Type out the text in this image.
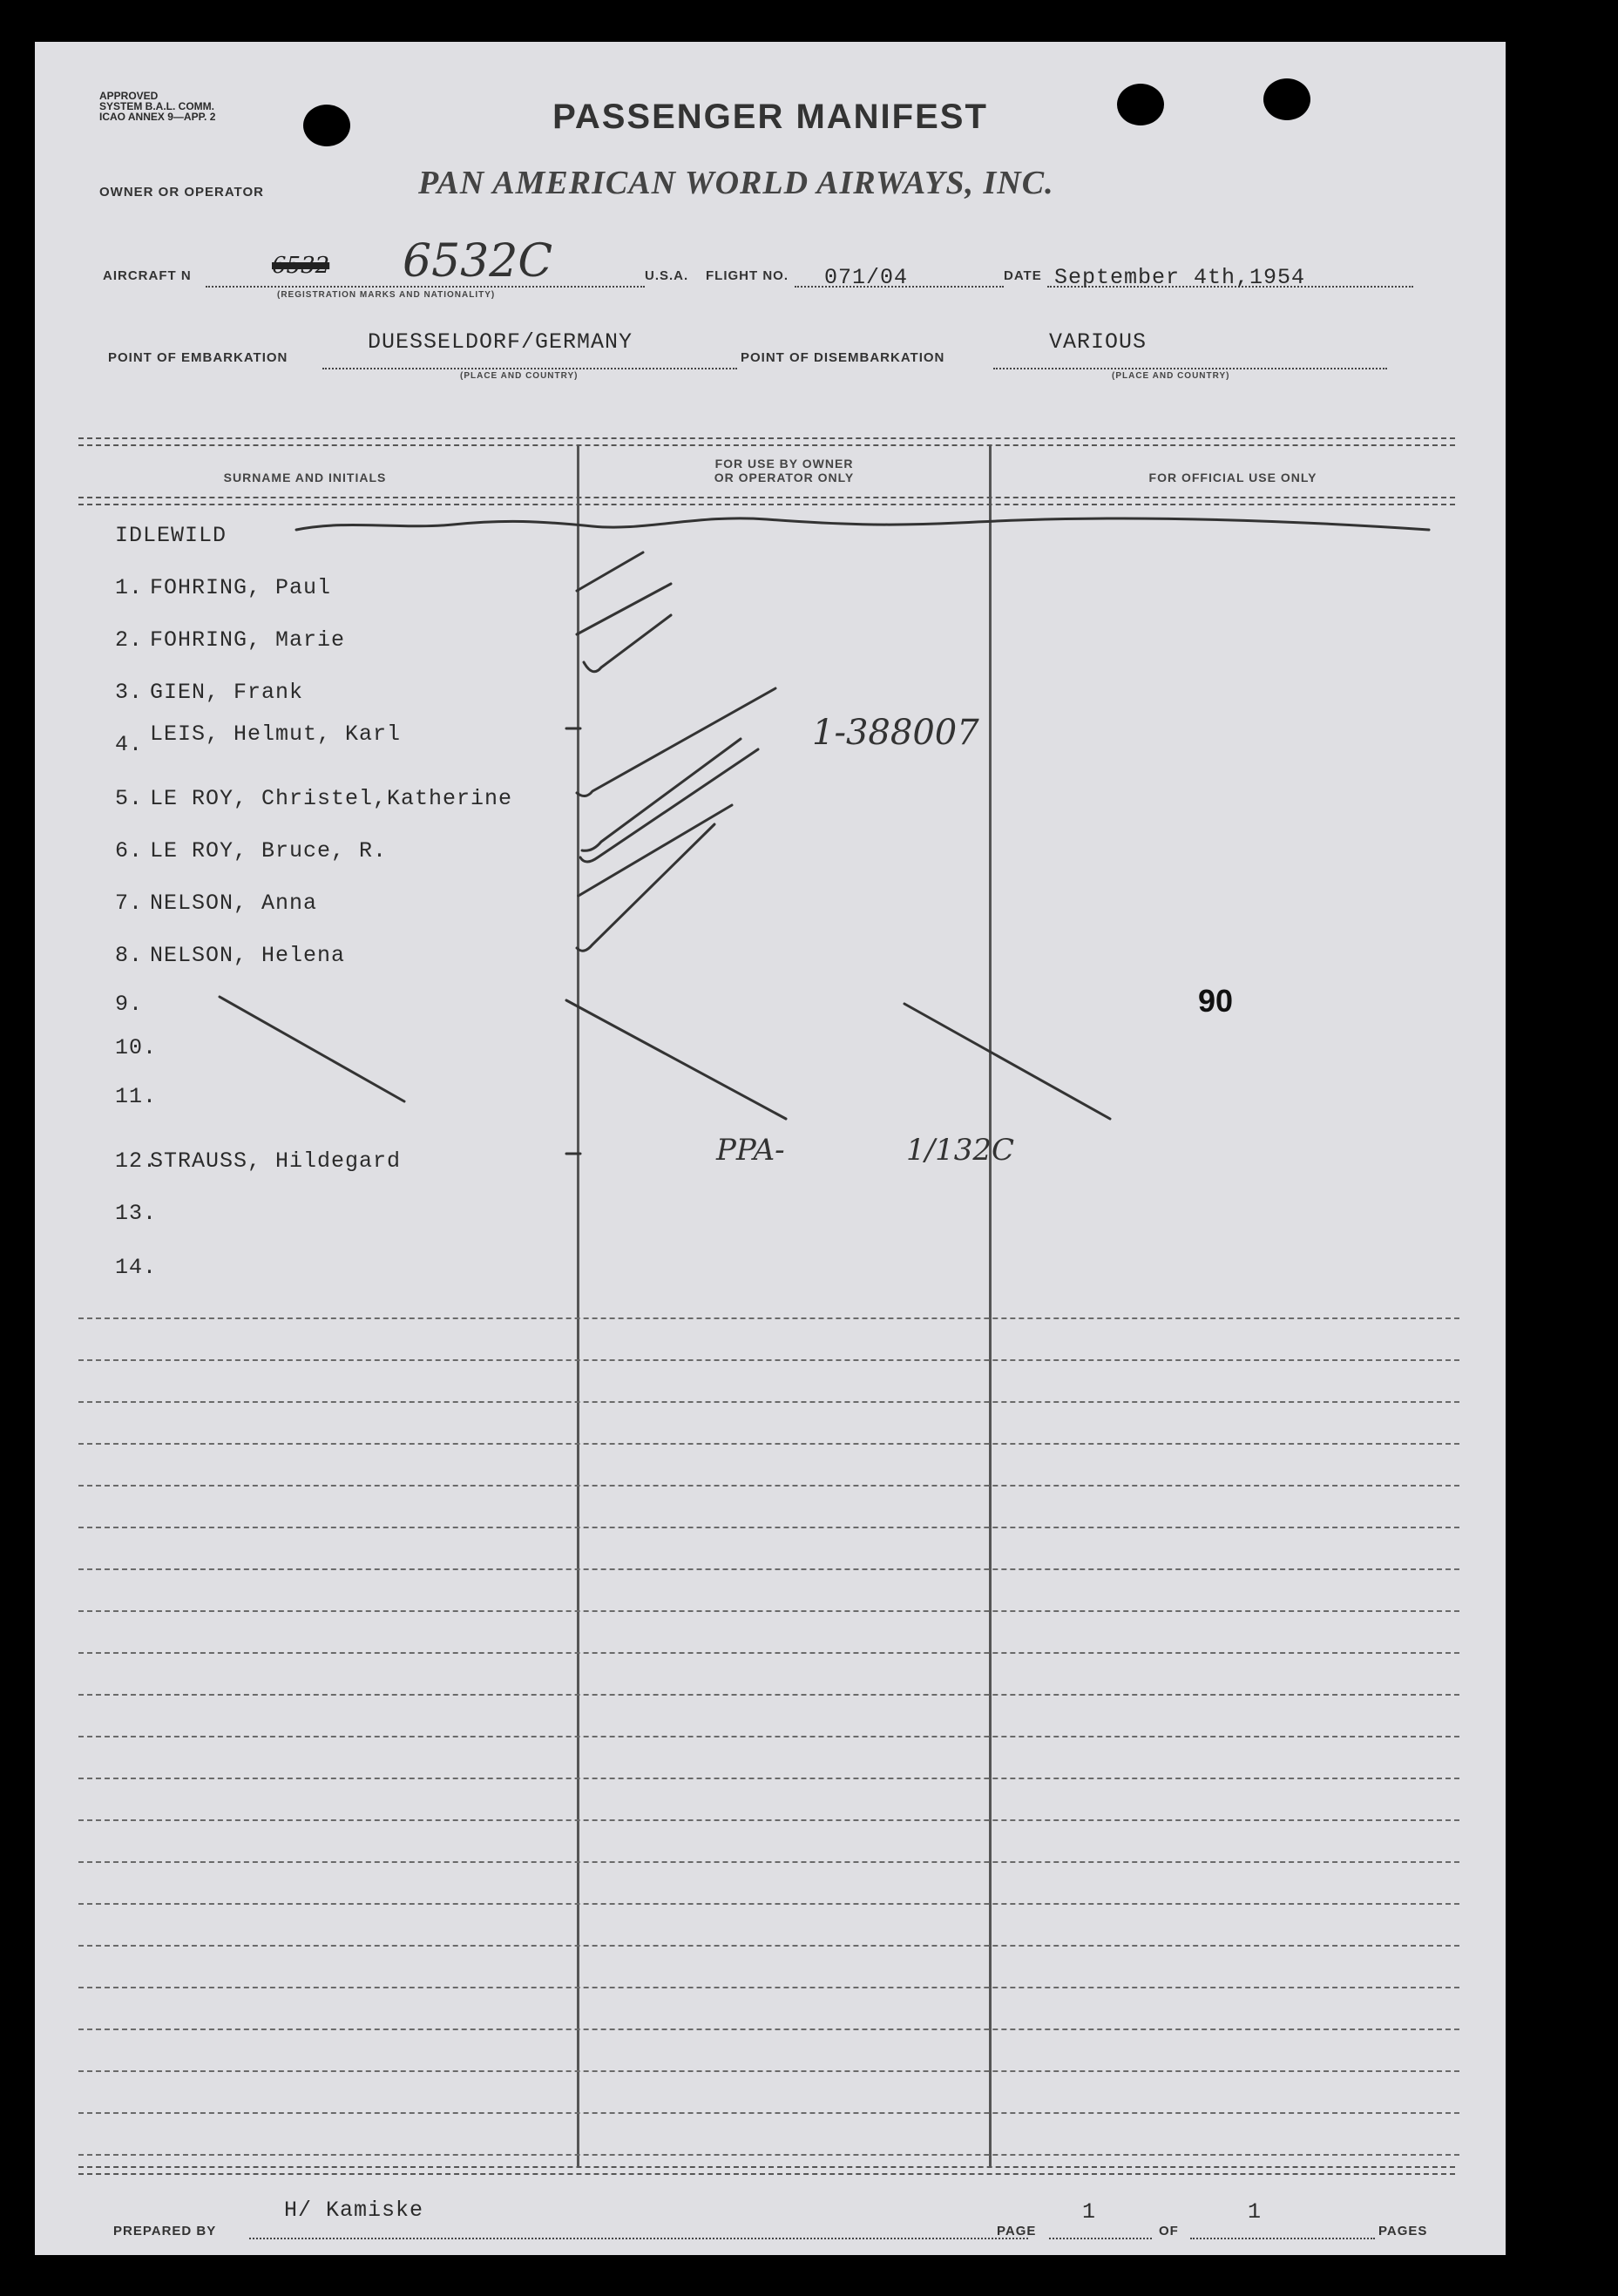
APPROVED
SYSTEM B.A.L. COMM.
ICAO ANNEX 9—APP. 2	PASSENGER MANIFEST
OWNER OR OPERATOR	PAN AMERICAN WORLD AIRWAYS, INC.
AIRCRAFT N	6532 6532C
(REGISTRATION MARKS AND NATIONALITY)
U.S.A. FLIGHT NO. 071/04	DATE September 4th,1954
POINT OF EMBARKATION
DUESSELDORF/GERMANY
(PLACE AND COUNTRY)
POINT OF DISEMBARKATION
VARIOUS
(PLACE AND COUNTRY)
SURNAME AND INITIALS
FOR USE BY OWNER
OR OPERATOR ONLY	FOR OFFICIAL USE ONLY
IDLEWILD
1. FOHRING, Paul
2. FOHRING, Marie
3. GIEN, Frank
4. LEIS, Helmut, Karl
5. LE ROY, Christel,Katherine
6. LE ROY, Bruce, R.
7. NELSON, Anna
8. NELSON, Helena
9.
10.
11.
12.STRAUSS, Hildegard
13.
14.
1-388007
PPA-	1/132C
90
H/ Kamiske
PREPARED BY	PAGE
1
OF
1
PAGES
